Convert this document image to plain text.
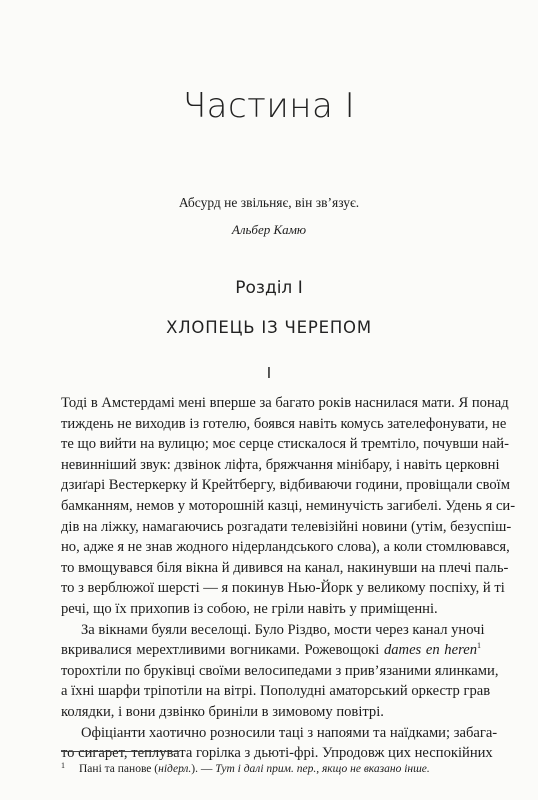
Частина І
Абсурд не звільняє, він зв’язує.
Альбер Камю
Розділ І
ХЛОПЕЦЬ ІЗ ЧЕРЕПОМ
І
Тоді в Амстердамі мені вперше за багато років наснилася мати. Я понад
тиждень не виходив із готелю, боявся навіть комусь зателефонувати, не
те що вийти на вулицю; моє серце стискалося й тремтіло, почувши най-
невинніший звук: дзвінок ліфта, бряжчання мінібару, і навіть церковні
дзиґарі Вестеркерку й Крейтбергу, відбиваючи години, провіщали своїм
бамканням, немов у моторошній казці, неминучість загибелі. Удень я си-
дів на ліжку, намагаючись розгадати телевізійні новини (утім, безуспіш-
но, адже я не знав жодного нідерландського слова), а коли стомлювався,
то вмощувався біля вікна й дивився на канал, накинувши на плечі паль-
то з верблюжої шерсті — я покинув Нью-Йорк у великому поспіху, й ті
речі, що їх прихопив із собою, не гріли навіть у приміщенні.
За вікнами буяли веселощі. Було Різдво, мости через канал уночі
вкривалися мерехтливими вогниками. Рожевощокі dames en heren$^1$
торохтіли по бруківці своїми велосипедами з прив’язаними ялинками,
а їхні шарфи тріпотіли на вітрі. Пополудні аматорський оркестр грав
колядки, і вони дзвінко бриніли в зимовому повітрі.
Офіціанти хаотично розносили таці з напоями та наїдками; забага-
то сигарет, теплувата горілка з дьюті-фрі. Упродовж цих неспокійних
$^1$ Пані та панове (нідерл.). — Тут і далі прим. пер., якщо не вказано інше.
